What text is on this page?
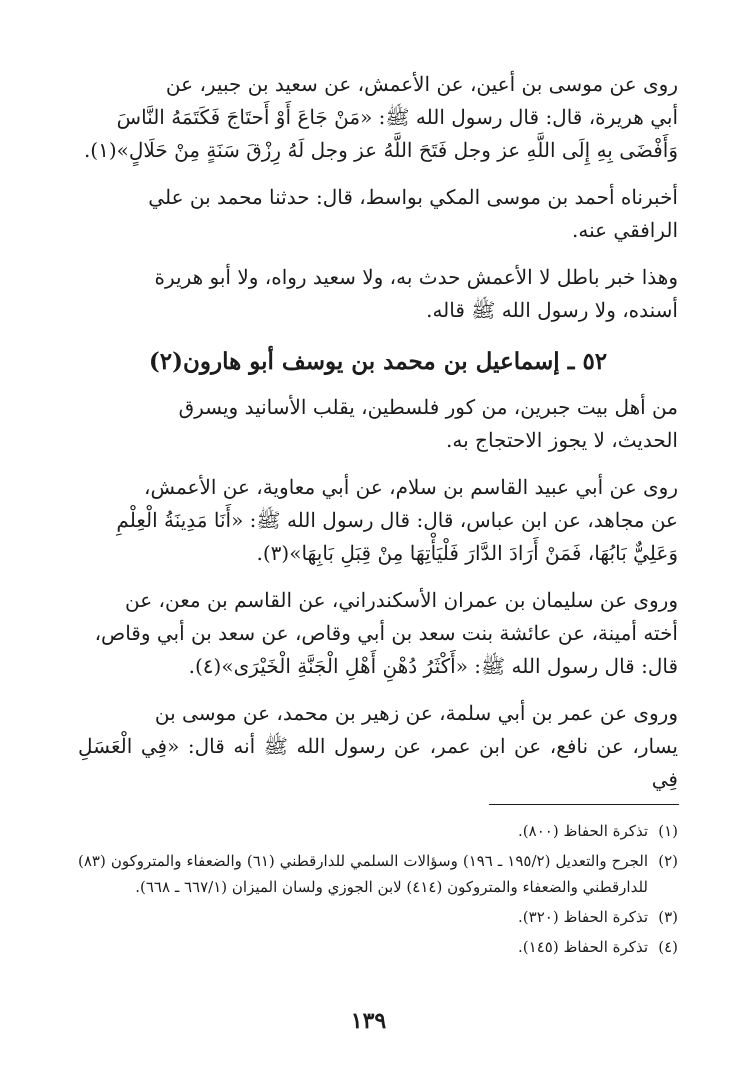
روى عن موسى بن أعين، عن الأعمش، عن سعيد بن جبير، عن
أبي هريرة، قال: قال رسول الله ﷺ: «مَنْ جَاعَ أَوْ أَحتَاجَ فَكَتَمَهُ النَّاسَ
وَأَفْضَى بِهِ إِلَى اللَّهِ عز وجل فَتَحَ اللَّهُ عز وجل لَهُ رِزْقَ سَنَةٍ مِنْ حَلَالٍ»(١).
أخبرناه أحمد بن موسى المكي بواسط، قال: حدثنا محمد بن علي
الرافقي عنه.
وهذا خبر باطل لا الأعمش حدث به، ولا سعيد رواه، ولا أبو هريرة
أسنده، ولا رسول الله ﷺ قاله.
٥٢ ـ إسماعيل بن محمد بن يوسف أبو هارون(٢)
من أهل بيت جبرين، من كور فلسطين، يقلب الأسانيد ويسرق
الحديث، لا يجوز الاحتجاج به.
روى عن أبي عبيد القاسم بن سلام، عن أبي معاوية، عن الأعمش،
عن مجاهد، عن ابن عباس، قال: قال رسول الله ﷺ: «أَنَا مَدِينَةُ الْعِلْمِ
وَعَلِيٌّ بَابُهَا، فَمَنْ أَرَادَ الدَّارَ فَلْيَأْتِهَا مِنْ قِبَلِ بَابِهَا»(٣).
وروى عن سليمان بن عمران الأسكندراني، عن القاسم بن معن، عن
أخته أمينة، عن عائشة بنت سعد بن أبي وقاص، عن سعد بن أبي وقاص،
قال: قال رسول الله ﷺ: «أَكْثَرُ دُهْنِ أَهْلِ الْجَنَّةِ الْخَيْرَى»(٤).
وروى عن عمر بن أبي سلمة، عن زهير بن محمد، عن موسى بن
يسار، عن نافع، عن ابن عمر، عن رسول الله ﷺ أنه قال: «فِي الْعَسَلِ فِي
(١)
تذكرة الحفاظ (٨٠٠).
(٢)
الجرح والتعديل (١٩٥/٢ ـ ١٩٦) وسؤالات السلمي للدارقطني (٦١) والضعفاء والمتروكون (٨٣) للدارقطني والضعفاء والمتروكون (٤١٤) لابن الجوزي ولسان الميزان (٦٦٧/١ ـ ٦٦٨).
(٣)
تذكرة الحفاظ (٣٢٠).
(٤)
تذكرة الحفاظ (١٤٥).
١٣٩
